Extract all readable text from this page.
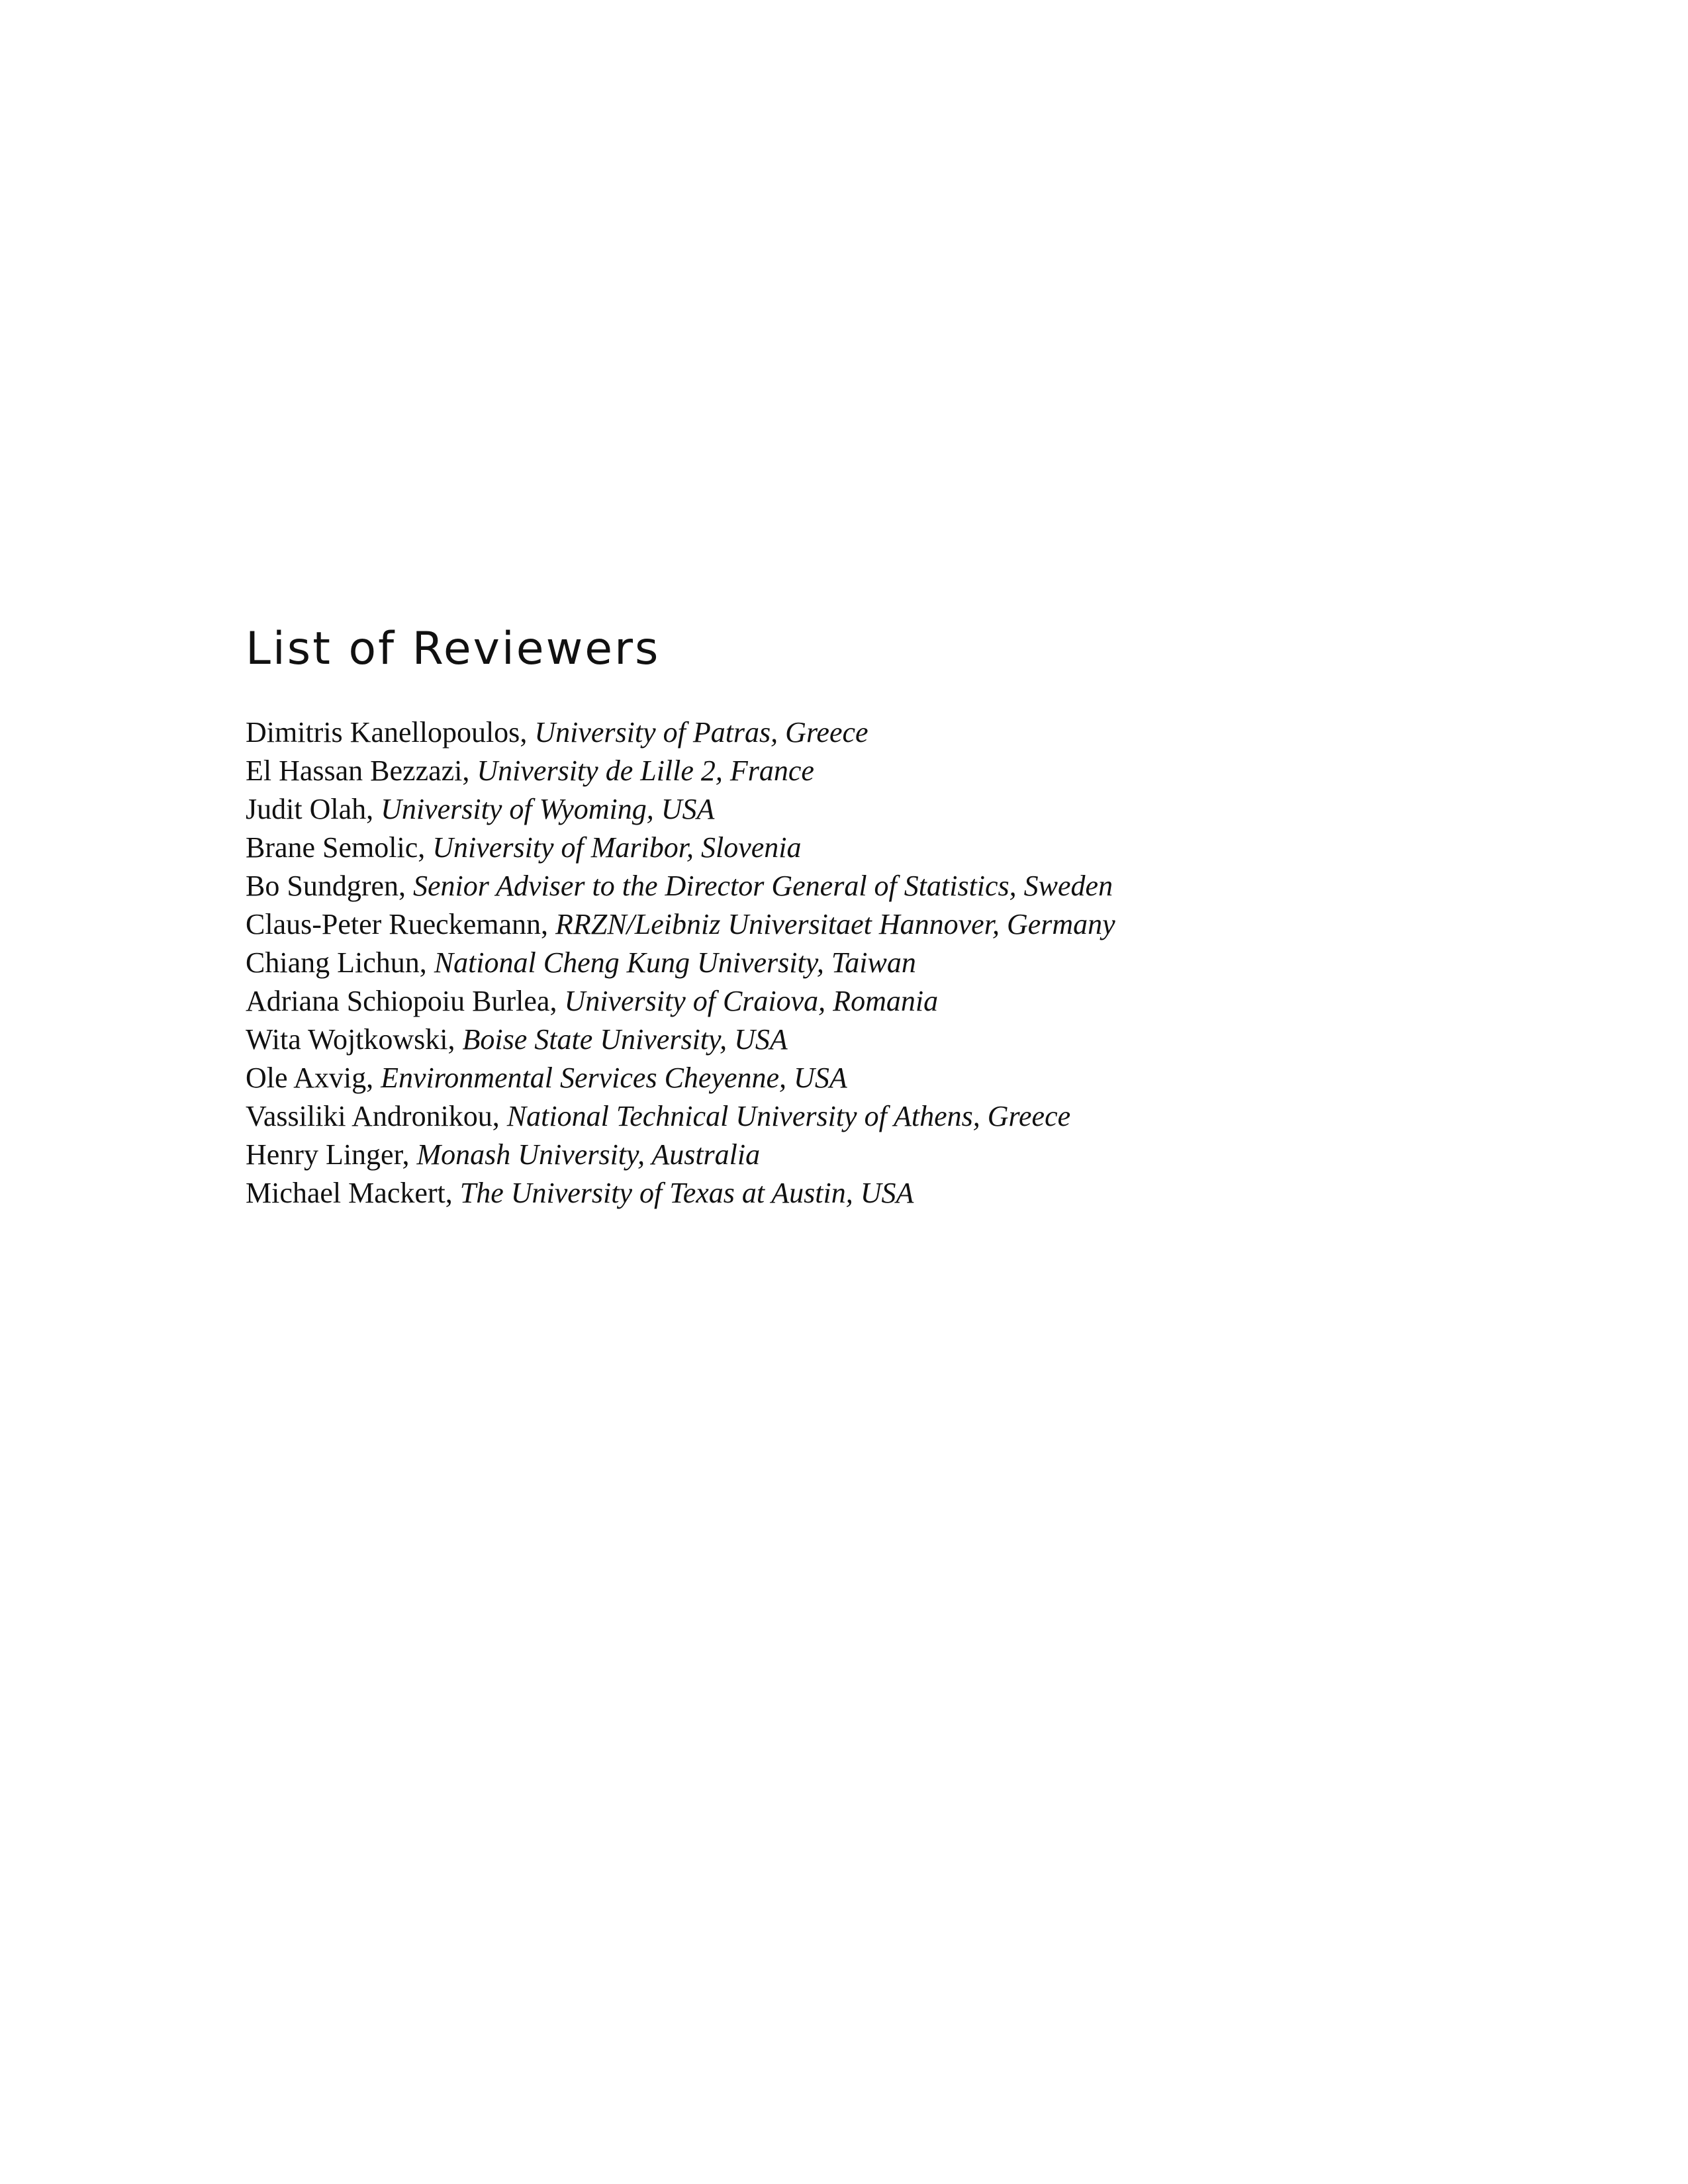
List of Reviewers
Dimitris Kanellopoulos, University of Patras, Greece
El Hassan Bezzazi, University de Lille 2, France
Judit Olah, University of Wyoming, USA
Brane Semolic, University of Maribor, Slovenia
Bo Sundgren, Senior Adviser to the Director General of Statistics, Sweden
Claus-Peter Rueckemann, RRZN/Leibniz Universitaet Hannover, Germany
Chiang Lichun, National Cheng Kung University, Taiwan
Adriana Schiopoiu Burlea, University of Craiova, Romania
Wita Wojtkowski, Boise State University, USA
Ole Axvig, Environmental Services Cheyenne, USA
Vassiliki Andronikou, National Technical University of Athens, Greece
Henry Linger, Monash University, Australia
Michael Mackert, The University of Texas at Austin, USA
